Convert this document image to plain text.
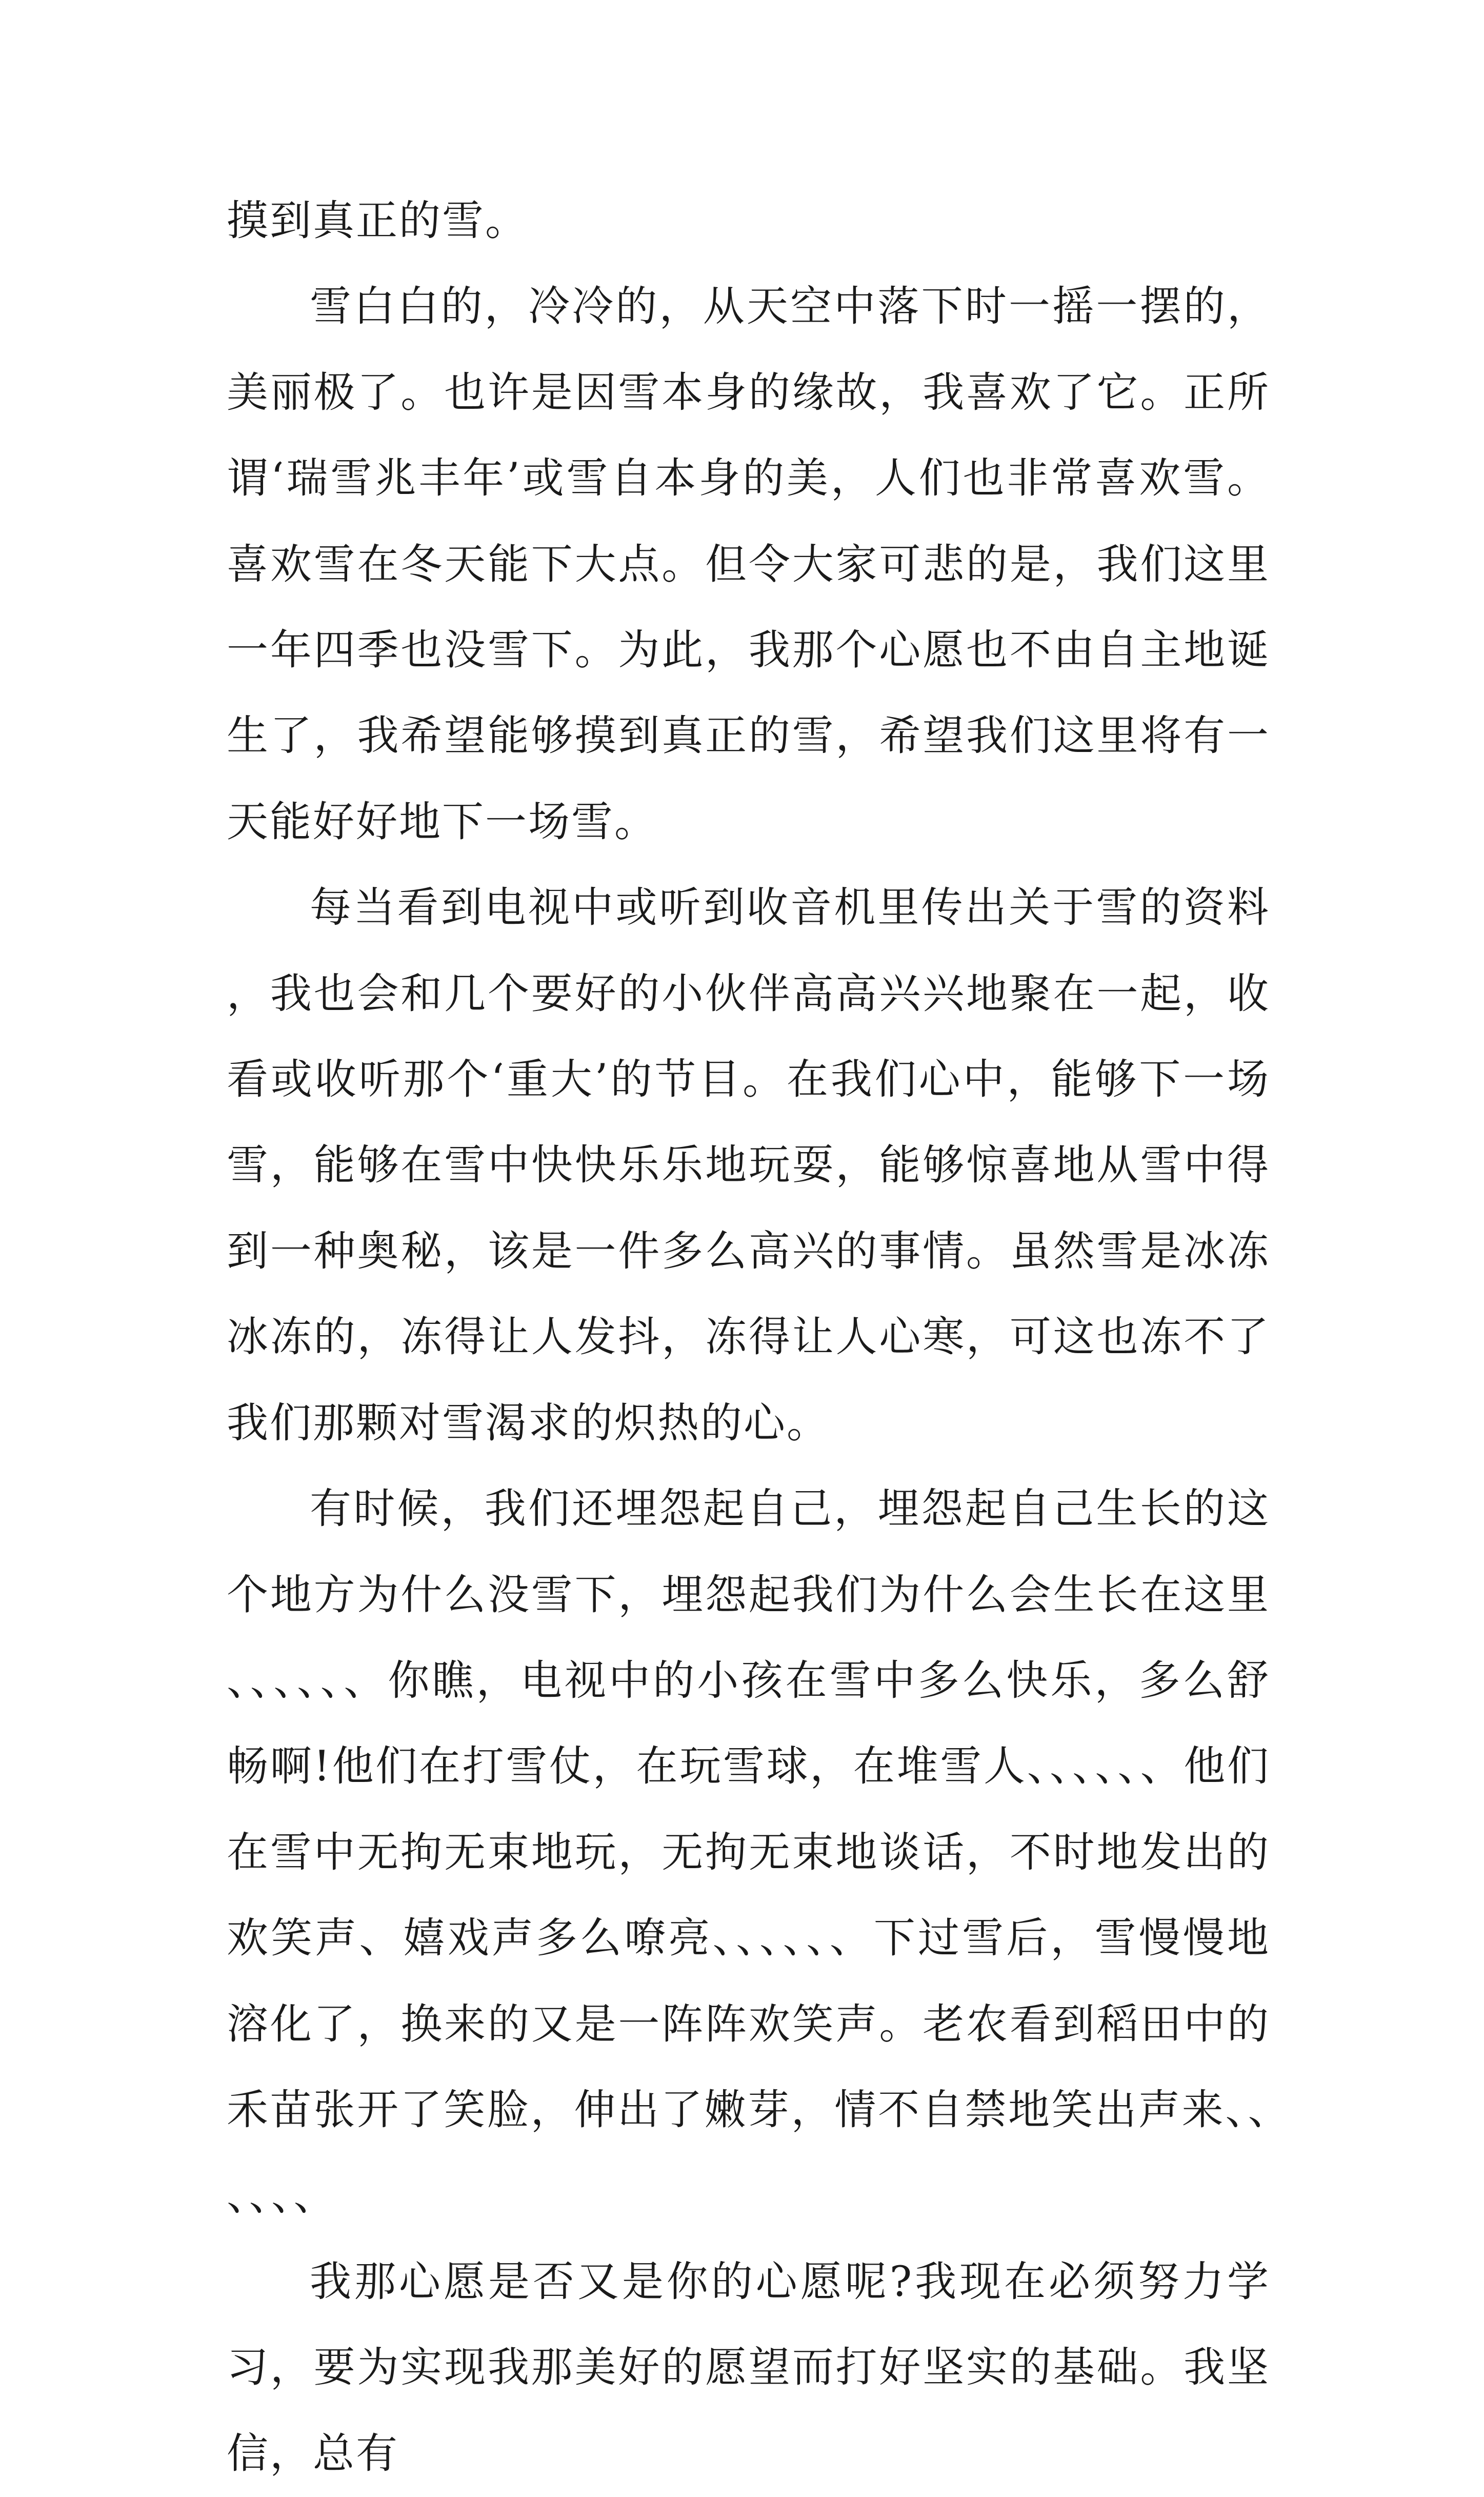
摸到真正的雪。

雪白白的，冷冷的，从天空中落下时一摇一摆的，美丽极了。也许是因雪本身的缘故，我喜欢了它。正所谓‘瑞雪兆丰年’或雪自本身的美，人们也非常喜欢雪。喜欢雪在冬天能下大点。但令大家可悲的是，我们这里一年四季也没雪下。为此，我那个心愿也不由自主地诞生了，我希望能够摸到真正的雪，希望我们这里将有一天能好好地下一场雪。

每当看到电视中或听到收音机里传出关于雪的资料，我也会和几个要好的小伙伴高高兴兴地聚在一起，收看或收听那个‘重大’的节目。在我们心中，能够下一场雪，能够在雪中快快乐乐地玩耍，能够惊喜地从雪中得到一种奥秘，该是一件多么高兴的事情。虽然雪是冰冻冰冻的，冻得让人发抖，冻得让人心寒，可这也冻不了我们那颗对雪渴求的炽热的心。

有时候，我们还埋怨起自己，埋怨起自己生长的这个地方为什么没雪下，埋怨起我们为什么会生长在这里、、、、、、你瞧，电视中的小孩在雪中多么快乐，多么舒畅啊!他们在打雪仗，在玩雪球，在堆雪人、、、、、、他们在雪中无拘无束地玩，无拘无束地谈话，不时地发出的欢笑声、嬉戏声多么嘹亮、、、、、、下过雪后，雪慢慢地溶化了，换来的又是一阵阵欢笑声。老农看到稻田中的禾苗张开了笑脸，伸出了嫩芽，情不自禁地笑出声来、、、、、、

我那心愿是否又是你的心愿呢?我现在必须努力学习，要为实现我那美好的愿望而打好坚实的基础。我坚信，总有
